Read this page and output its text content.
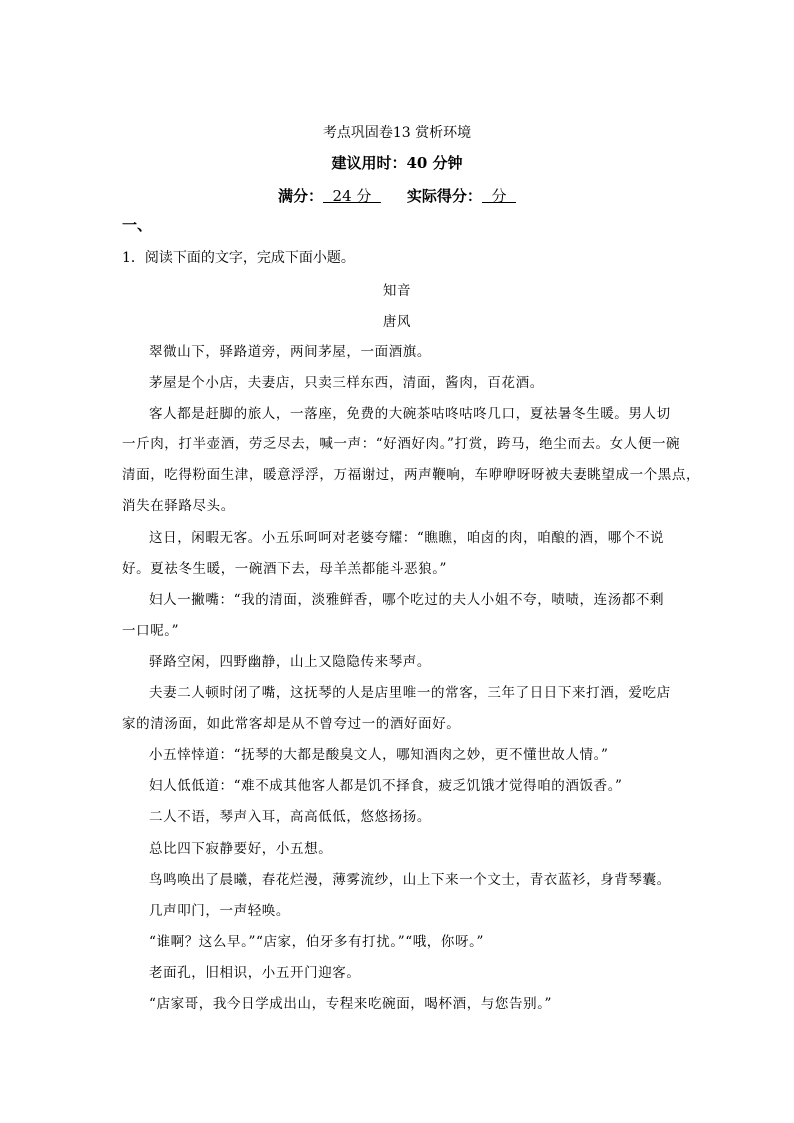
考点巩固卷13 赏析环境
建议用时：40 分钟
满分：  24 分  实际得分：  分
一、
1．阅读下面的文字，完成下面小题。
知音
唐风
翠微山下，驿路道旁，两间茅屋，一面酒旗。
茅屋是个小店，夫妻店，只卖三样东西，清面，酱肉，百花酒。
客人都是赶脚的旅人，一落座，免费的大碗茶咕咚咕咚几口，夏祛暑冬生暖。男人切
一斤肉，打半壶酒，劳乏尽去，喊一声：“好酒好肉。”打赏，跨马，绝尘而去。女人便一碗
清面，吃得粉面生津，暖意浮浮，万福谢过，两声鞭响，车咿咿呀呀被夫妻眺望成一个黑点，
消失在驿路尽头。
这日，闲暇无客。小五乐呵呵对老婆夸耀：“瞧瞧，咱卤的肉，咱酿的酒，哪个不说
好。夏祛冬生暖，一碗酒下去，母羊羔都能斗恶狼。”
妇人一撇嘴：“我的清面，淡雅鲜香，哪个吃过的夫人小姐不夸，啧啧，连汤都不剩
一口呢。”
驿路空闲，四野幽静，山上又隐隐传来琴声。
夫妻二人顿时闭了嘴，这抚琴的人是店里唯一的常客，三年了日日下来打酒，爱吃店
家的清汤面，如此常客却是从不曾夸过一的酒好面好。
小五悻悻道：“抚琴的大都是酸臭文人，哪知酒肉之妙，更不懂世故人情。”
妇人低低道：“难不成其他客人都是饥不择食，疲乏饥饿才觉得咱的酒饭香。”
二人不语，琴声入耳，高高低低，悠悠扬扬。
总比四下寂静要好，小五想。
鸟鸣唤出了晨曦，春花烂漫，薄雾流纱，山上下来一个文士，青衣蓝衫，身背琴囊。
几声叩门，一声轻唤。
“谁啊？这么早。”“店家，伯牙多有打扰。”“哦，你呀。”
老面孔，旧相识，小五开门迎客。
“店家哥，我今日学成出山，专程来吃碗面，喝杯酒，与您告别。”
